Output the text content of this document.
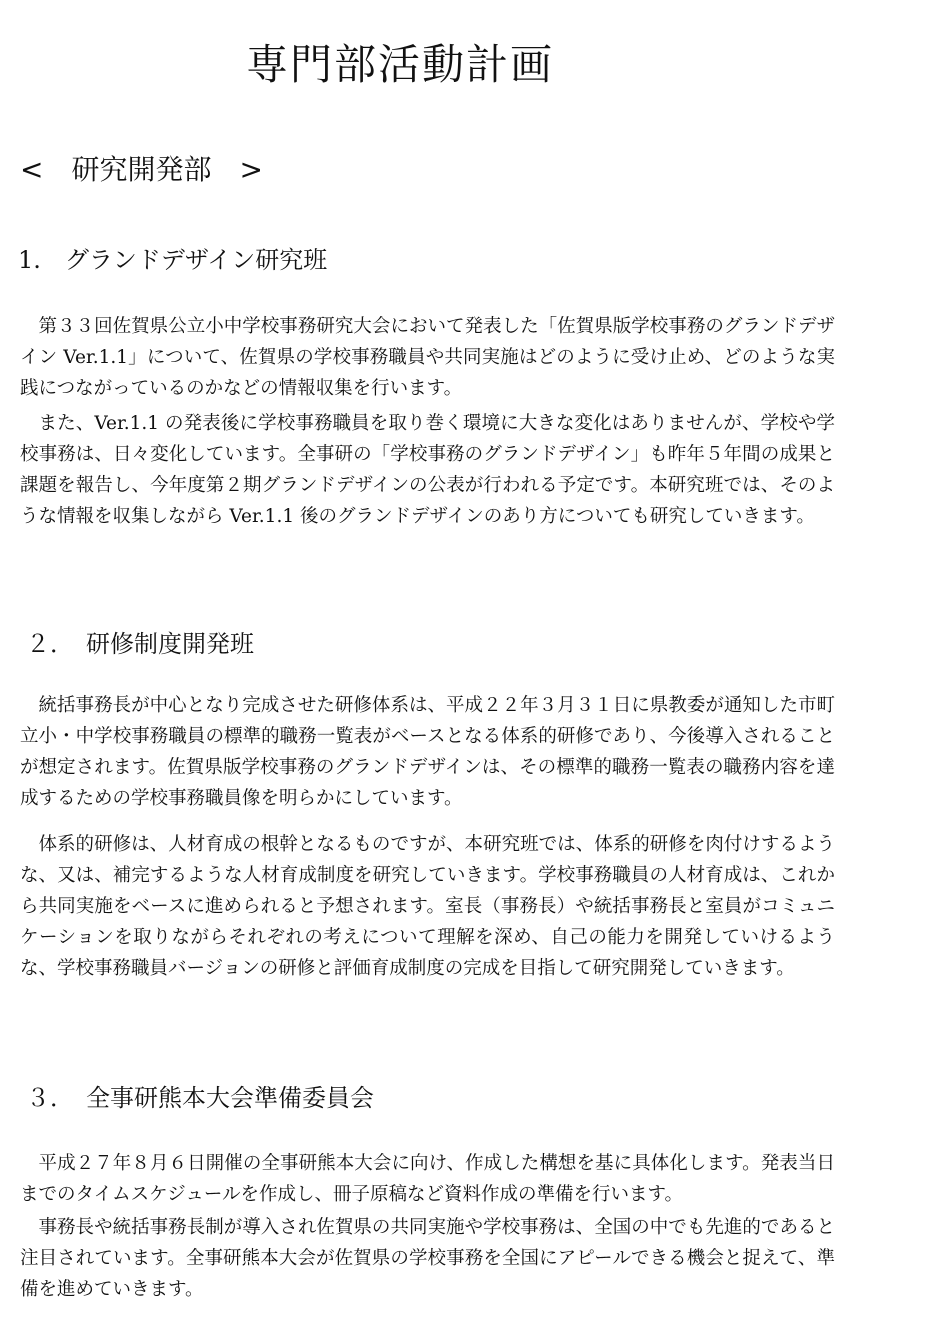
専門部活動計画
<　研究開発部　>
1.　グランドデザイン研究班

第３３回佐賀県公立小中学校事務研究大会において発表した「佐賀県版学校事務のグランドデザイン Ver.1.1」について、佐賀県の学校事務職員や共同実施はどのように受け止め、どのような実践につながっているのかなどの情報収集を行います。

また、Ver.1.1 の発表後に学校事務職員を取り巻く環境に大きな変化はありませんが、学校や学校事務は、日々変化しています。全事研の「学校事務のグランドデザイン」も昨年５年間の成果と課題を報告し、今年度第２期グランドデザインの公表が行われる予定です。本研究班では、そのような情報を収集しながら Ver.1.1 後のグランドデザインのあり方についても研究していきます。

２．　研修制度開発班

統括事務長が中心となり完成させた研修体系は、平成２２年３月３１日に県教委が通知した市町立小・中学校事務職員の標準的職務一覧表がベースとなる体系的研修であり、今後導入されることが想定されます。佐賀県版学校事務のグランドデザインは、その標準的職務一覧表の職務内容を達成するための学校事務職員像を明らかにしています。

体系的研修は、人材育成の根幹となるものですが、本研究班では、体系的研修を肉付けするような、又は、補完するような人材育成制度を研究していきます。学校事務職員の人材育成は、これから共同実施をベースに進められると予想されます。室長（事務長）や統括事務長と室員がコミュニケーションを取りながらそれぞれの考えについて理解を深め、自己の能力を開発していけるような、学校事務職員バージョンの研修と評価育成制度の完成を目指して研究開発していきます。

３．　全事研熊本大会準備委員会

平成２７年８月６日開催の全事研熊本大会に向け、作成した構想を基に具体化します。発表当日までのタイムスケジュールを作成し、冊子原稿など資料作成の準備を行います。

事務長や統括事務長制が導入され佐賀県の共同実施や学校事務は、全国の中でも先進的であると注目されています。全事研熊本大会が佐賀県の学校事務を全国にアピールできる機会と捉えて、準備を進めていきます。
